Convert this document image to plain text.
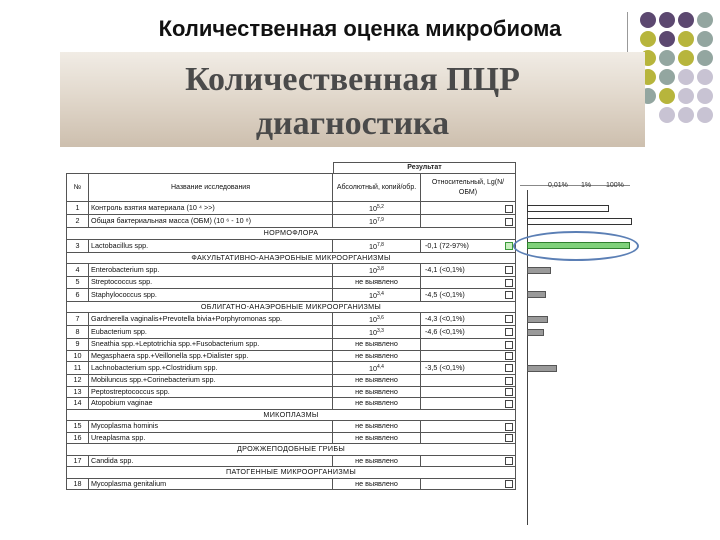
Количественная оценка микробиома
Количественная ПЦР
диагностика
Результат
№	Название исследования	Абсолютный, копий/обр.	Относительный, Lg(N/ОБМ)
1	Контроль взятия материала (10 ⁴ >>)	10$^{5,2}$	

2	Общая бактериальная масса (ОБМ) (10 ⁶ - 10 ⁸)	10$^{7,9}$	

НОРМОФЛОРА			
3	Lactobacillus spp.	10$^{7,8}$	-0,1 (72-97%)

ФАКУЛЬТАТИВНО-АНАЭРОБНЫЕ МИКРООРГАНИЗМЫ			
4	Enterobacterium spp.	10$^{3,8}$	-4,1 (<0,1%)

5	Streptococcus spp.	не выявлено	

6	Staphylococcus spp.	10$^{3,4}$	-4,5 (<0,1%)

ОБЛИГАТНО-АНАЭРОБНЫЕ МИКРООРГАНИЗМЫ			
7	Gardnerella vaginalis+Prevotella bivia+Porphyromonas spp.	10$^{3,6}$	-4,3 (<0,1%)

8	Eubacterium spp.	10$^{3,3}$	-4,6 (<0,1%)

9	Sneathia spp.+Leptotrichia spp.+Fusobacterium spp.	не выявлено	

10	Megasphaera spp.+Veillonella spp.+Dialister spp.	не выявлено	

11	Lachnobacterium spp.+Clostridium spp.	10$^{4,4}$	-3,5 (<0,1%)

12	Mobiluncus spp.+Corinebacterium spp.	не выявлено	

13	Peptostreptococcus spp.	не выявлено	

14	Atopobium vaginae	не выявлено	

МИКОПЛАЗМЫ			
15	Mycoplasma hominis	не выявлено	

16	Ureaplasma spp.	не выявлено	

ДРОЖЖЕПОДОБНЫЕ ГРИБЫ			
17	Candida spp.	не выявлено	

ПАТОГЕННЫЕ МИКРООРГАНИЗМЫ			
18	Mycoplasma genitalium	не выявлено	
0,01% 1% 100%
